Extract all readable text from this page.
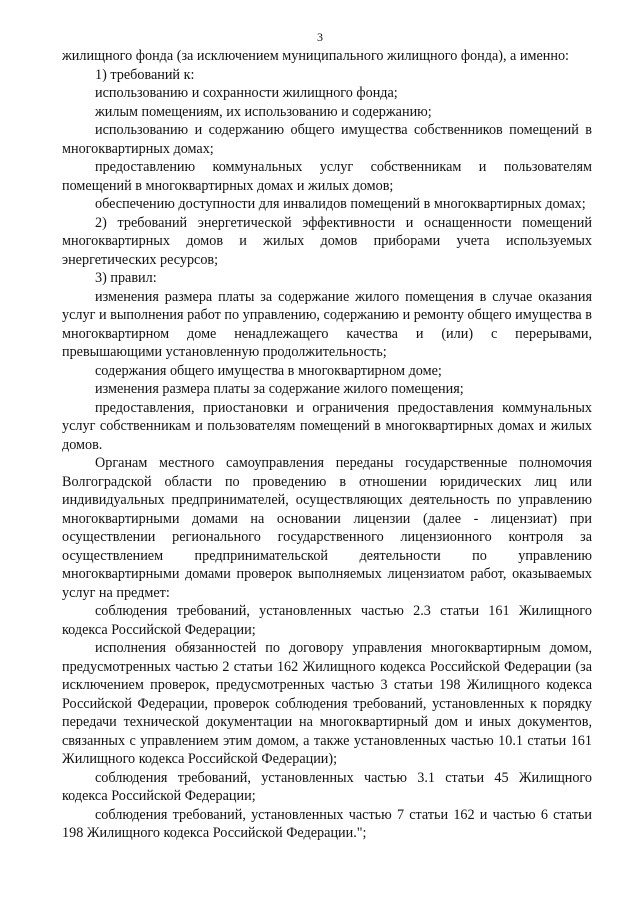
3

жилищного фонда (за исключением муниципального жилищного фонда), а именно:

1) требований к:

использованию и сохранности жилищного фонда;

жилым помещениям, их использованию и содержанию;

использованию и содержанию общего имущества собственников помещений в многоквартирных домах;

предоставлению коммунальных услуг собственникам и пользователям помещений в многоквартирных домах и жилых домов;

обеспечению доступности для инвалидов помещений в многоквартирных домах;

2) требований энергетической эффективности и оснащенности помещений многоквартирных домов и жилых домов приборами учета используемых энергетических ресурсов;

3) правил:

изменения размера платы за содержание жилого помещения в случае оказания услуг и выполнения работ по управлению, содержанию и ремонту общего имущества в многоквартирном доме ненадлежащего качества и (или) с перерывами, превышающими установленную продолжительность;

содержания общего имущества в многоквартирном доме;

изменения размера платы за содержание жилого помещения;

предоставления, приостановки и ограничения предоставления коммунальных услуг собственникам и пользователям помещений в многоквартирных домах и жилых домов.

Органам местного самоуправления переданы государственные полномочия Волгоградской области по проведению в отношении юридических лиц или индивидуальных предпринимателей, осуществляющих деятельность по управлению многоквартирными домами на основании лицензии (далее - лицензиат) при осуществлении регионального государственного лицензионного контроля за осуществлением предпринимательской деятельности по управлению многоквартирными домами проверок выполняемых лицензиатом работ, оказываемых услуг на предмет:

соблюдения требований, установленных частью 2.3 статьи 161 Жилищного кодекса Российской Федерации;

исполнения обязанностей по договору управления многоквартирным домом, предусмотренных частью 2 статьи 162 Жилищного кодекса Российской Федерации (за исключением проверок, предусмотренных частью 3 статьи 198 Жилищного кодекса Российской Федерации, проверок соблюдения требований, установленных к порядку передачи технической документации на многоквартирный дом и иных документов, связанных с управлением этим домом, а также установленных частью 10.1 статьи 161 Жилищного кодекса Российской Федерации);

соблюдения требований, установленных частью 3.1 статьи 45 Жилищного кодекса Российской Федерации;

соблюдения требований, установленных частью 7 статьи 162 и частью 6 статьи 198 Жилищного кодекса Российской Федерации.";
